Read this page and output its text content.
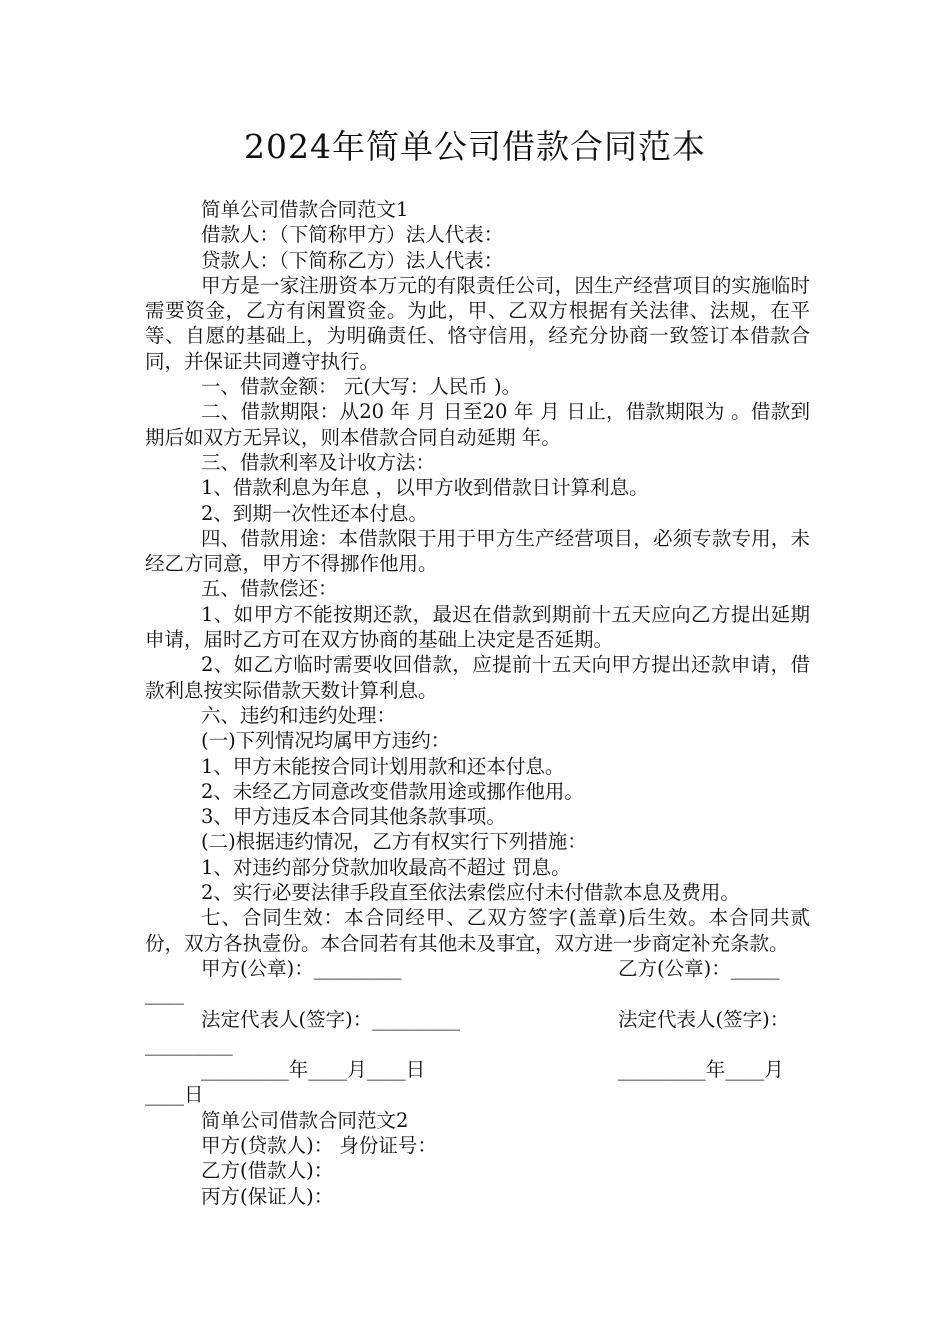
2024年简单公司借款合同范本

简单公司借款合同范文1

借款人：（下简称甲方）法人代表：

贷款人：（下简称乙方）法人代表：

甲方是一家注册资本万元的有限责任公司，因生产经营项目的实施临时需要资金，乙方有闲置资金。为此，甲、乙双方根据有关法律、法规，在平等、自愿的基础上，为明确责任、恪守信用，经充分协商一致签订本借款合同，并保证共同遵守执行。

一、借款金额： 元(大写：人民币 )。

二、借款期限：从20 年 月 日至20 年 月 日止，借款期限为 。借款到期后如双方无异议，则本借款合同自动延期 年。

三、借款利率及计收方法：

1、借款利息为年息 ，以甲方收到借款日计算利息。

2、到期一次性还本付息。

四、借款用途：本借款限于用于甲方生产经营项目，必须专款专用，未经乙方同意，甲方不得挪作他用。

五、借款偿还：

1、如甲方不能按期还款，最迟在借款到期前十五天应向乙方提出延期申请，届时乙方可在双方协商的基础上决定是否延期。

2、如乙方临时需要收回借款，应提前十五天向甲方提出还款申请，借款利息按实际借款天数计算利息。

六、违约和违约处理：

(一)下列情况均属甲方违约：

1、甲方未能按合同计划用款和还本付息。

2、未经乙方同意改变借款用途或挪作他用。

3、甲方违反本合同其他条款事项。

(二)根据违约情况，乙方有权实行下列措施：

1、对违约部分贷款加收最高不超过 罚息。

2、实行必要法律手段直至依法索偿应付未付借款本息及费用。

七、合同生效：本合同经甲、乙双方签字(盖章)后生效。本合同共贰份，双方各执壹份。本合同若有其他未及事宜，双方进一步商定补充条款。

甲方(公章)：_________

	乙方(公章)：_____

____

法定代表人(签字)：_________

	法定代表人(签字)：

_________

_________年____月____日

	_________年____月

____日

简单公司借款合同范文2

甲方(贷款人)： 身份证号：

乙方(借款人)：

丙方(保证人)：
